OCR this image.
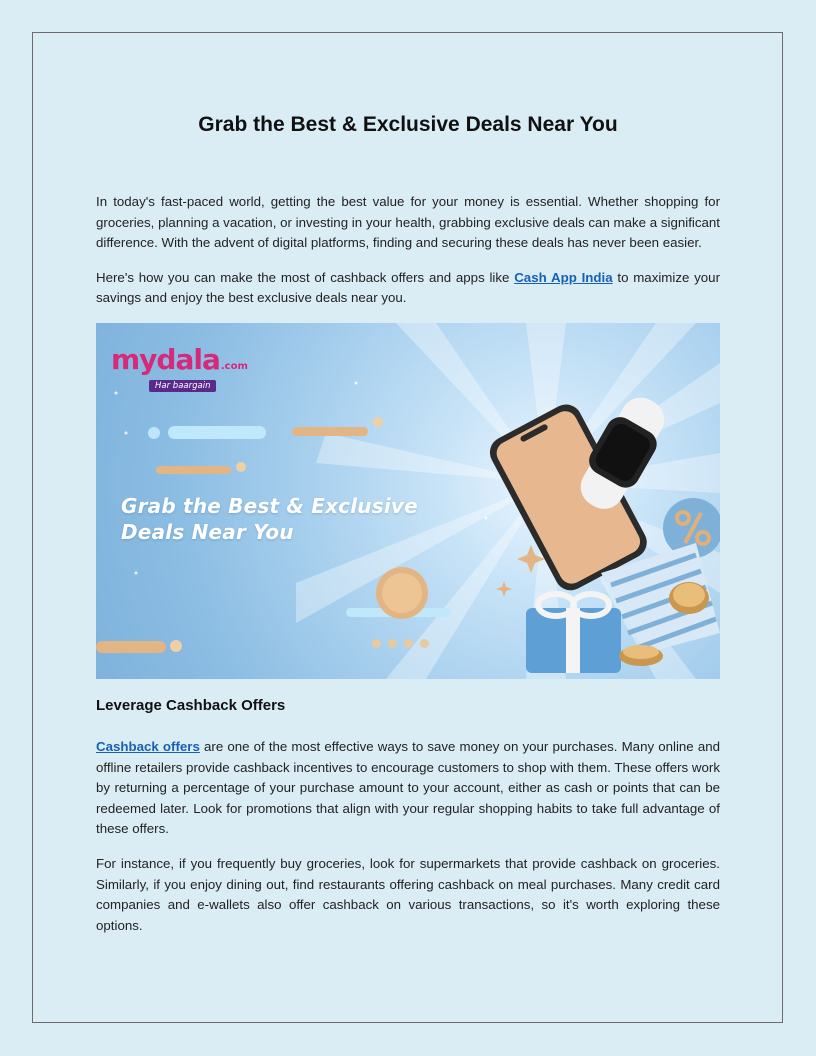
Grab the Best & Exclusive Deals Near You

In today's fast-paced world, getting the best value for your money is essential. Whether shopping for groceries, planning a vacation, or investing in your health, grabbing exclusive deals can make a significant difference. With the advent of digital platforms, finding and securing these deals has never been easier.

Here's how you can make the most of cashback offers and apps like Cash App India to maximize your savings and enjoy the best exclusive deals near you.

mydala.com
Har baargain
Grab the Best & Exclusive
Deals Near You
Leverage Cashback Offers

Cashback offers are one of the most effective ways to save money on your purchases. Many online and offline retailers provide cashback incentives to encourage customers to shop with them. These offers work by returning a percentage of your purchase amount to your account, either as cash or points that can be redeemed later. Look for promotions that align with your regular shopping habits to take full advantage of these offers.

For instance, if you frequently buy groceries, look for supermarkets that provide cashback on groceries. Similarly, if you enjoy dining out, find restaurants offering cashback on meal purchases. Many credit card companies and e-wallets also offer cashback on various transactions, so it's worth exploring these options.
